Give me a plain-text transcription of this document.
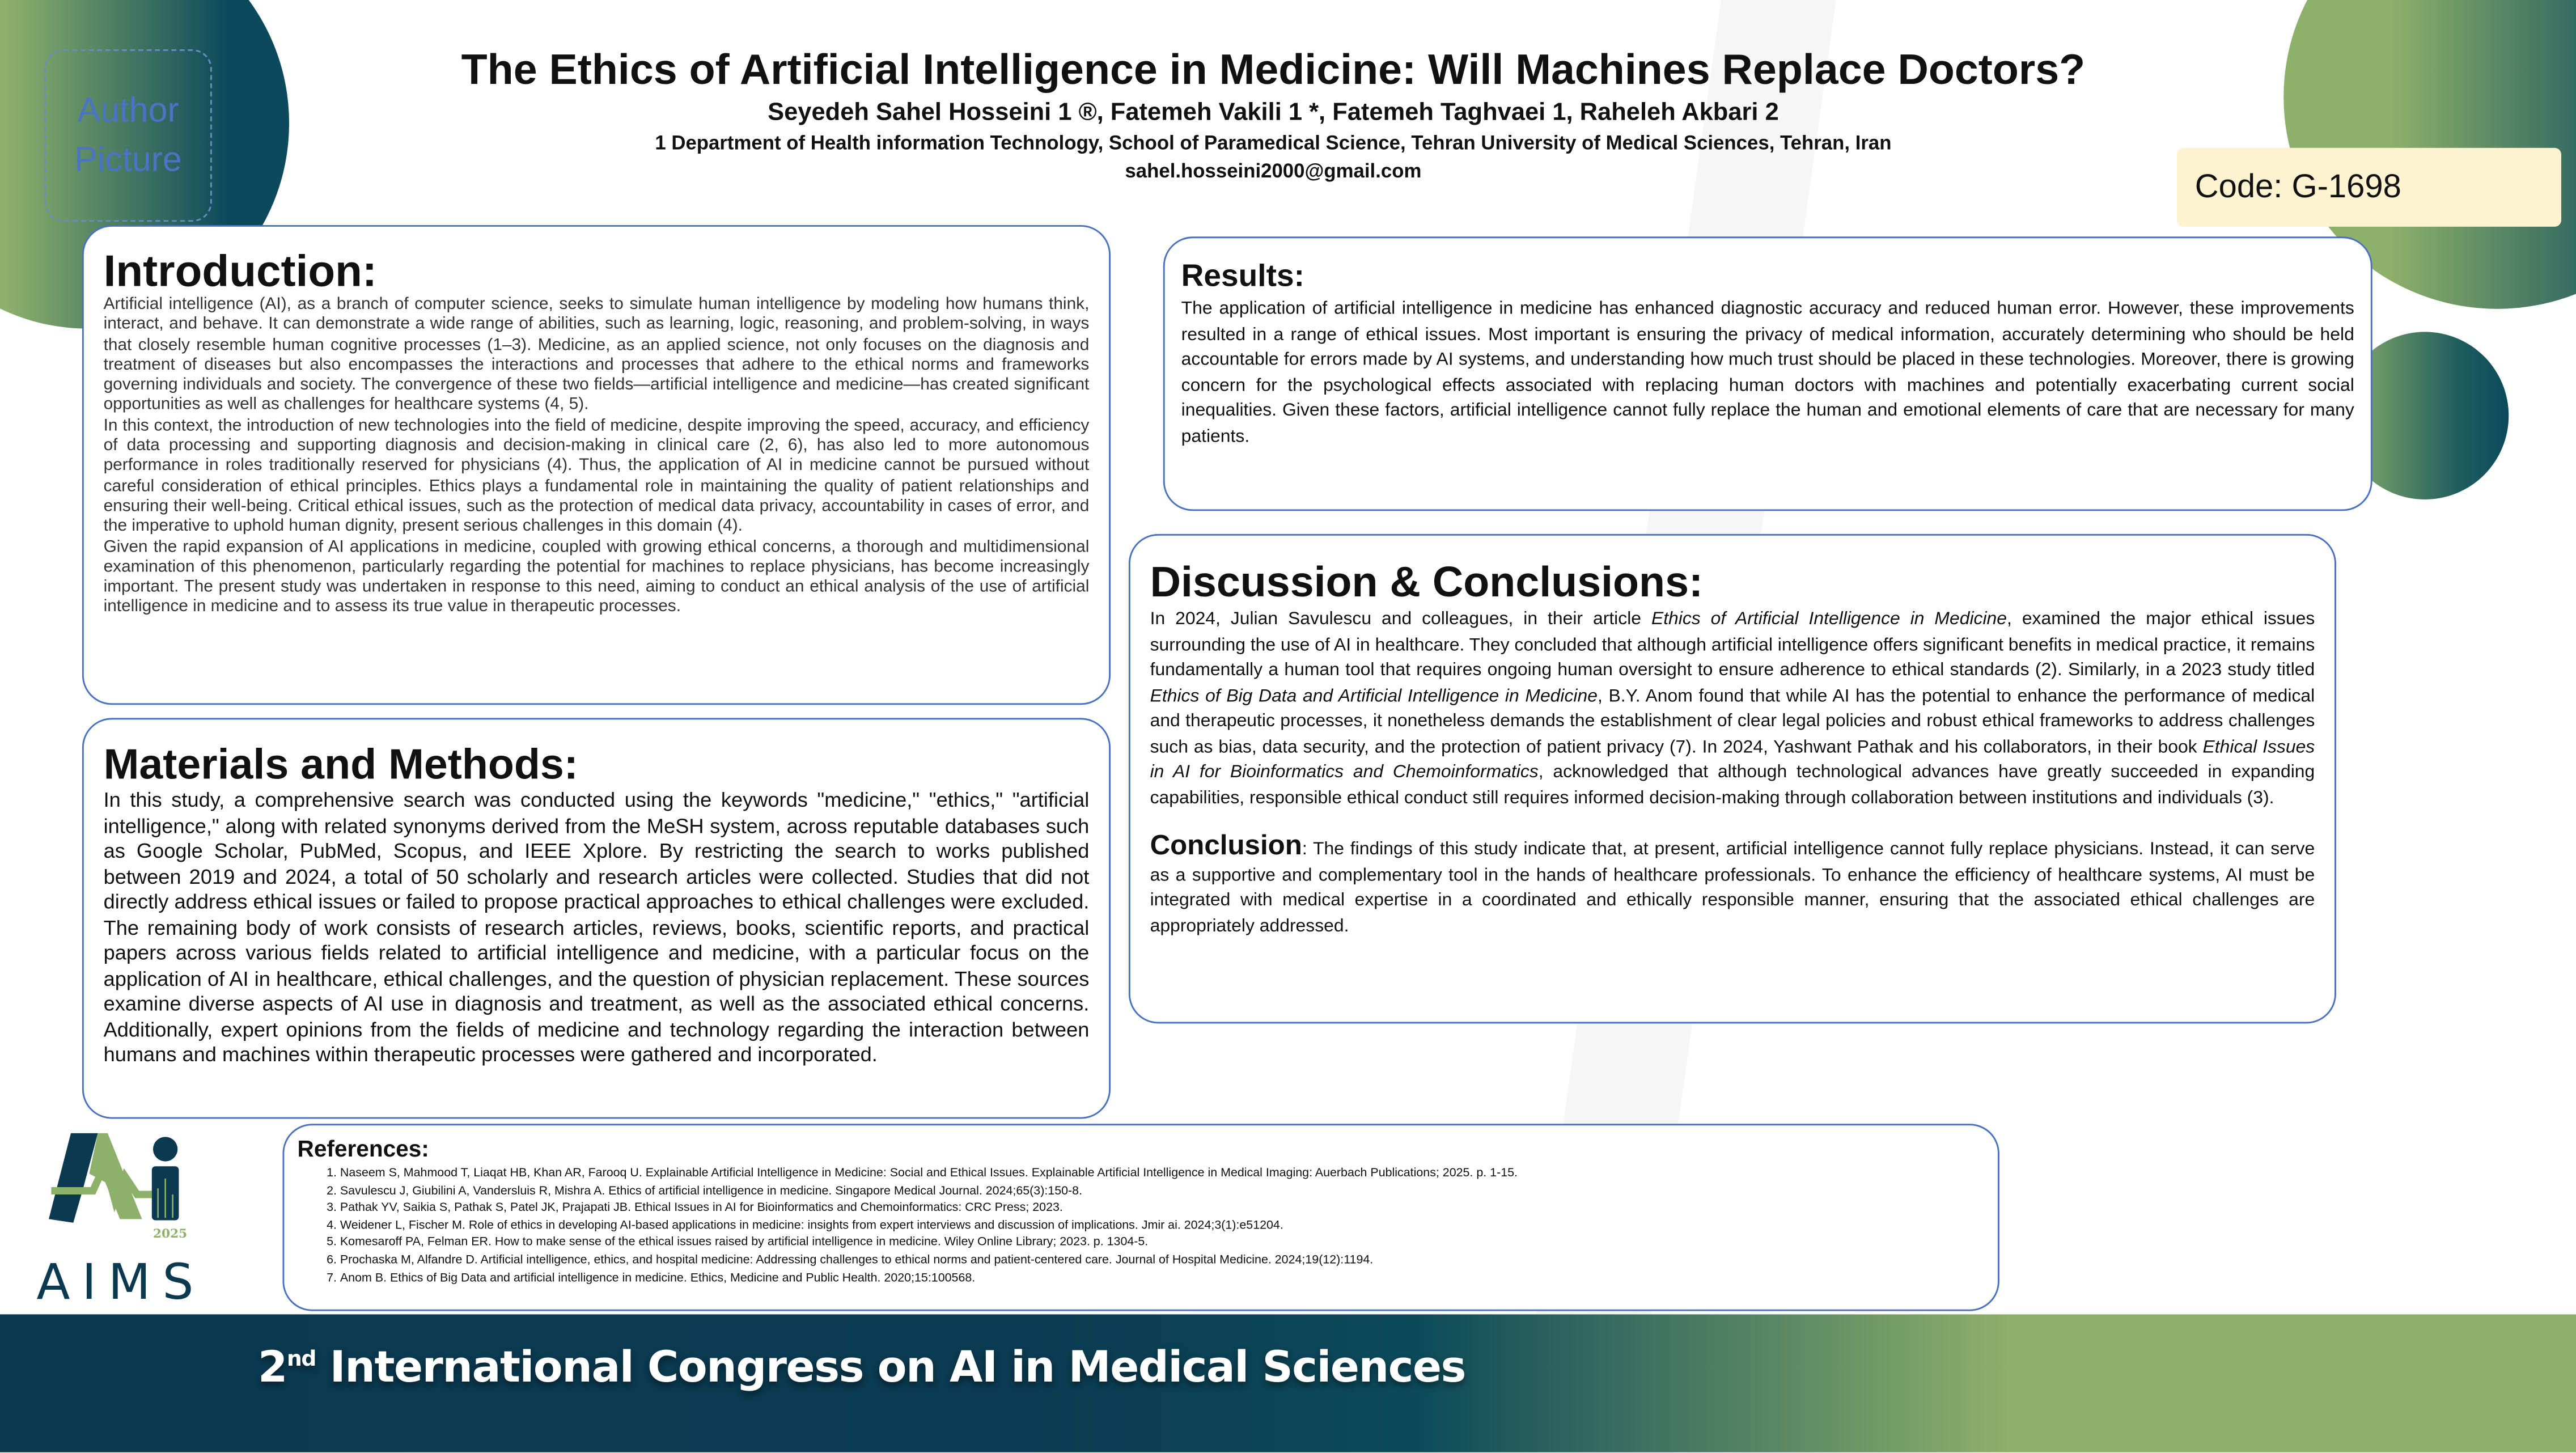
Author
Picture
The Ethics of Artificial Intelligence in Medicine: Will Machines Replace Doctors?
Seyedeh Sahel Hosseini 1 ®, Fatemeh Vakili 1 *, Fatemeh Taghvaei 1, Raheleh Akbari 2
1 Department of Health information Technology, School of Paramedical Science, Tehran University of Medical Sciences, Tehran, Iran
sahel.hosseini2000@gmail.com	Code: G-1698
Introduction:
Artificial intelligence (AI), as a branch of computer science, seeks to simulate human intelligence by modeling how humans think, interact, and behave. It can demonstrate a wide range of abilities, such as learning, logic, reasoning, and problem-solving, in ways that closely resemble human cognitive processes (1–3). Medicine, as an applied science, not only focuses on the diagnosis and treatment of diseases but also encompasses the interactions and processes that adhere to the ethical norms and frameworks governing individuals and society. The convergence of these two fields—artificial intelligence and medicine—has created significant opportunities as well as challenges for healthcare systems (4, 5).
In this context, the introduction of new technologies into the field of medicine, despite improving the speed, accuracy, and efficiency of data processing and supporting diagnosis and decision-making in clinical care (2, 6), has also led to more autonomous performance in roles traditionally reserved for physicians (4). Thus, the application of AI in medicine cannot be pursued without careful consideration of ethical principles. Ethics plays a fundamental role in maintaining the quality of patient relationships and ensuring their well-being. Critical ethical issues, such as the protection of medical data privacy, accountability in cases of error, and the imperative to uphold human dignity, present serious challenges in this domain (4).
Given the rapid expansion of AI applications in medicine, coupled with growing ethical concerns, a thorough and multidimensional examination of this phenomenon, particularly regarding the potential for machines to replace physicians, has become increasingly important. The present study was undertaken in response to this need, aiming to conduct an ethical analysis of the use of artificial intelligence in medicine and to assess its true value in therapeutic processes.
Materials and Methods:
In this study, a comprehensive search was conducted using the keywords "medicine," "ethics," "artificial intelligence," along with related synonyms derived from the MeSH system, across reputable databases such as Google Scholar, PubMed, Scopus, and IEEE Xplore. By restricting the search to works published between 2019 and 2024, a total of 50 scholarly and research articles were collected. Studies that did not directly address ethical issues or failed to propose practical approaches to ethical challenges were excluded. The remaining body of work consists of research articles, reviews, books, scientific reports, and practical papers across various fields related to artificial intelligence and medicine, with a particular focus on the application of AI in healthcare, ethical challenges, and the question of physician replacement. These sources examine diverse aspects of AI use in diagnosis and treatment, as well as the associated ethical concerns. Additionally, expert opinions from the fields of medicine and technology regarding the interaction between humans and machines within therapeutic processes were gathered and incorporated.
Results:
The application of artificial intelligence in medicine has enhanced diagnostic accuracy and reduced human error. However, these improvements resulted in a range of ethical issues. Most important is ensuring the privacy of medical information, accurately determining who should be held accountable for errors made by AI systems, and understanding how much trust should be placed in these technologies. Moreover, there is growing concern for the psychological effects associated with replacing human doctors with machines and potentially exacerbating current social inequalities. Given these factors, artificial intelligence cannot fully replace the human and emotional elements of care that are necessary for many patients.
Discussion & Conclusions:
In 2024, Julian Savulescu and colleagues, in their article Ethics of Artificial Intelligence in Medicine, examined the major ethical issues surrounding the use of AI in healthcare. They concluded that although artificial intelligence offers significant benefits in medical practice, it remains fundamentally a human tool that requires ongoing human oversight to ensure adherence to ethical standards (2). Similarly, in a 2023 study titled Ethics of Big Data and Artificial Intelligence in Medicine, B.Y. Anom found that while AI has the potential to enhance the performance of medical and therapeutic processes, it nonetheless demands the establishment of clear legal policies and robust ethical frameworks to address challenges such as bias, data security, and the protection of patient privacy (7). In 2024, Yashwant Pathak and his collaborators, in their book Ethical Issues in AI for Bioinformatics and Chemoinformatics, acknowledged that although technological advances have greatly succeeded in expanding capabilities, responsible ethical conduct still requires informed decision-making through collaboration between institutions and individuals (3).
Conclusion: The findings of this study indicate that, at present, artificial intelligence cannot fully replace physicians. Instead, it can serve as a supportive and complementary tool in the hands of healthcare professionals. To enhance the efficiency of healthcare systems, AI must be integrated with medical expertise in a coordinated and ethically responsible manner, ensuring that the associated ethical challenges are appropriately addressed.
References:
1. Naseem S, Mahmood T, Liaqat HB, Khan AR, Farooq U. Explainable Artificial Intelligence in Medicine: Social and Ethical Issues. Explainable Artificial Intelligence in Medical Imaging: Auerbach Publications; 2025. p. 1-15.
2. Savulescu J, Giubilini A, Vandersluis R, Mishra A. Ethics of artificial intelligence in medicine. Singapore Medical Journal. 2024;65(3):150-8.
3. Pathak YV, Saikia S, Pathak S, Patel JK, Prajapati JB. Ethical Issues in AI for Bioinformatics and Chemoinformatics: CRC Press; 2023.
4. Weidener L, Fischer M. Role of ethics in developing AI-based applications in medicine: insights from expert interviews and discussion of implications. Jmir ai. 2024;3(1):e51204.
5. Komesaroff PA, Felman ER. How to make sense of the ethical issues raised by artificial intelligence in medicine. Wiley Online Library; 2023. p. 1304-5.
6. Prochaska M, Alfandre D. Artificial intelligence, ethics, and hospital medicine: Addressing challenges to ethical norms and patient-centered care. Journal of Hospital Medicine. 2024;19(12):1194.
7. Anom B. Ethics of Big Data and artificial intelligence in medicine. Ethics, Medicine and Public Health. 2020;15:100568.
2025
AIMS
2nd International Congress on AI in Medical Sciences
